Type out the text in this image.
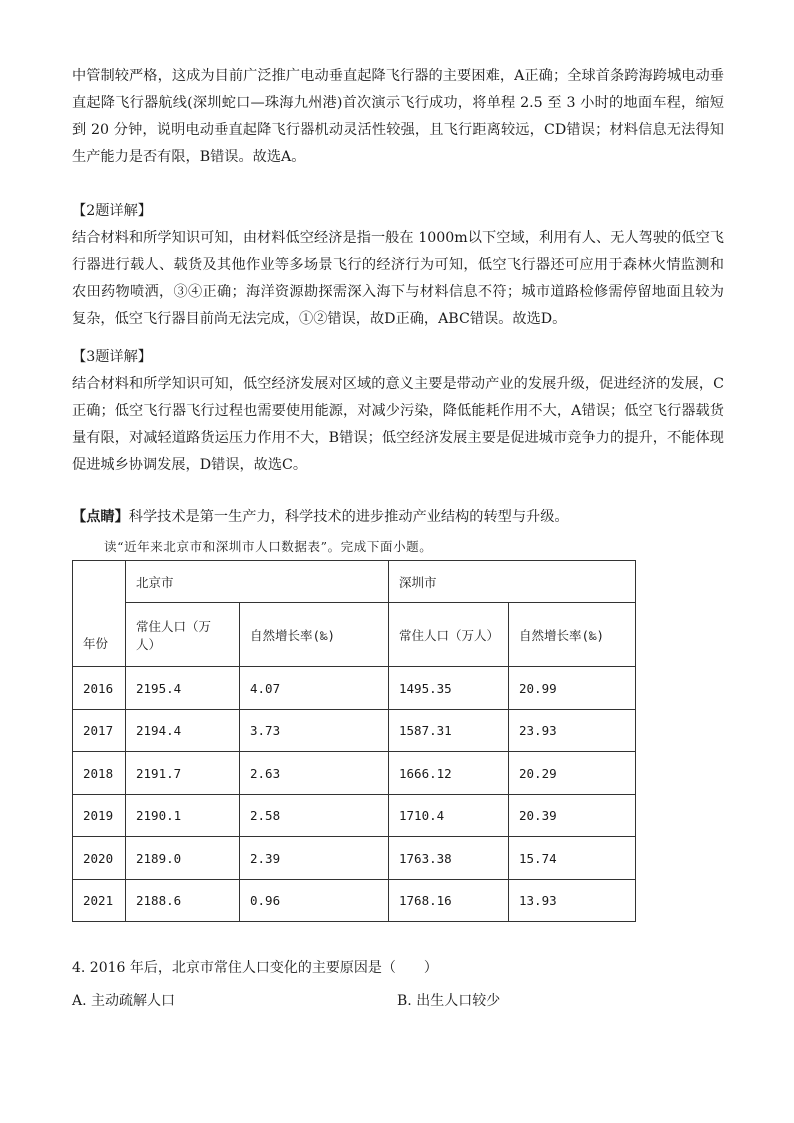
中管制较严格，这成为目前广泛推广电动垂直起降飞行器的主要困难，A正确；全球首条跨海跨城电动垂直起降飞行器航线(深圳蛇口—珠海九州港)首次演示飞行成功，将单程 2.5 至 3 小时的地面车程，缩短到 20 分钟，说明电动垂直起降飞行器机动灵活性较强，且飞行距离较远，CD错误；材料信息无法得知生产能力是否有限，B错误。故选A。
【2题详解】
结合材料和所学知识可知，由材料低空经济是指一般在 1000m以下空域，利用有人、无人驾驶的低空飞行器进行载人、载货及其他作业等多场景飞行的经济行为可知，低空飞行器还可应用于森林火情监测和农田药物喷洒，③④正确；海洋资源勘探需深入海下与材料信息不符；城市道路检修需停留地面且较为复杂，低空飞行器目前尚无法完成，①②错误，故D正确，ABC错误。故选D。
【3题详解】
结合材料和所学知识可知，低空经济发展对区域的意义主要是带动产业的发展升级，促进经济的发展，C正确；低空飞行器飞行过程也需要使用能源，对减少污染，降低能耗作用不大，A错误；低空飞行器载货量有限，对减轻道路货运压力作用不大，B错误；低空经济发展主要是促进城市竞争力的提升，不能体现促进城乡协调发展，D错误，故选C。
【点睛】科学技术是第一生产力，科学技术的进步推动产业结构的转型与升级。
读“近年来北京市和深圳市人口数据表”。完成下面小题。
年份	北京市		深圳市	
	常住人口（万人）	自然增长率(‰)	常住人口（万人）	自然增长率(‰)
2016	2195.4	4.07	1495.35	20.99
2017	2194.4	3.73	1587.31	23.93
2018	2191.7	2.63	1666.12	20.29
2019	2190.1	2.58	1710.4	20.39
2020	2189.0	2.39	1763.38	15.74
2021	2188.6	0.96	1768.16	13.93
4. 2016 年后，北京市常住人口变化的主要原因是（　　）
A. 主动疏解人口	B. 出生人口较少
